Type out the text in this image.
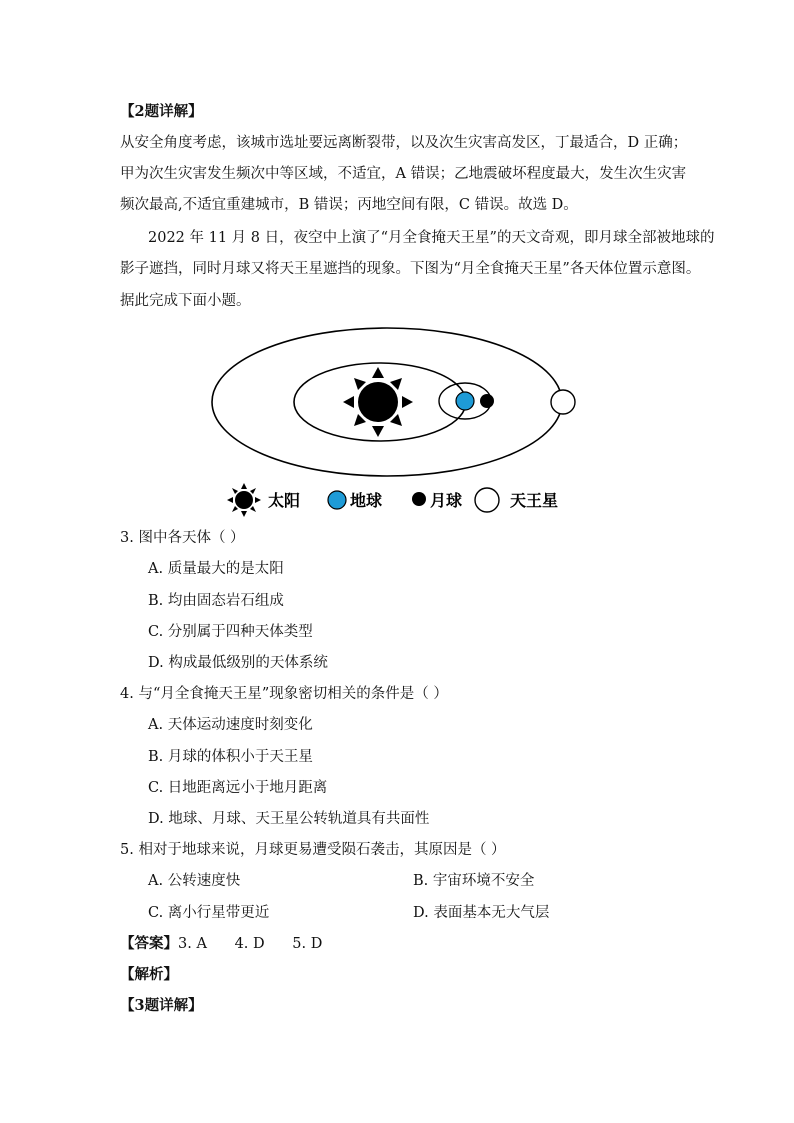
【2题详解】
从安全角度考虑，该城市选址要远离断裂带，以及次生灾害高发区，丁最适合，D 正确；
甲为次生灾害发生频次中等区域，不适宜，A 错误；乙地震破坏程度最大，发生次生灾害
频次最高,不适宜重建城市，B 错误；丙地空间有限，C 错误。故选 D。
2022 年 11 月 8 日，夜空中上演了“月全食掩天王星”的天文奇观，即月球全部被地球的
影子遮挡，同时月球又将天王星遮挡的现象。下图为“月全食掩天王星”各天体位置示意图。
据此完成下面小题。
太阳	地球	月球	天王星
3. 图中各天体（ ）
A. 质量最大的是太阳
B. 均由固态岩石组成
C. 分别属于四种天体类型
D. 构成最低级别的天体系统
4. 与“月全食掩天王星”现象密切相关的条件是（ ）
A. 天体运动速度时刻变化
B. 月球的体积小于天王星
C. 日地距离远小于地月距离
D. 地球、月球、天王星公转轨道具有共面性
5. 相对于地球来说，月球更易遭受陨石袭击，其原因是（ ）
A. 公转速度快	B. 宇宙环境不安全
C. 离小行星带更近	D. 表面基本无大气层
【答案】3. A      4. D      5. D
【解析】
【3题详解】
